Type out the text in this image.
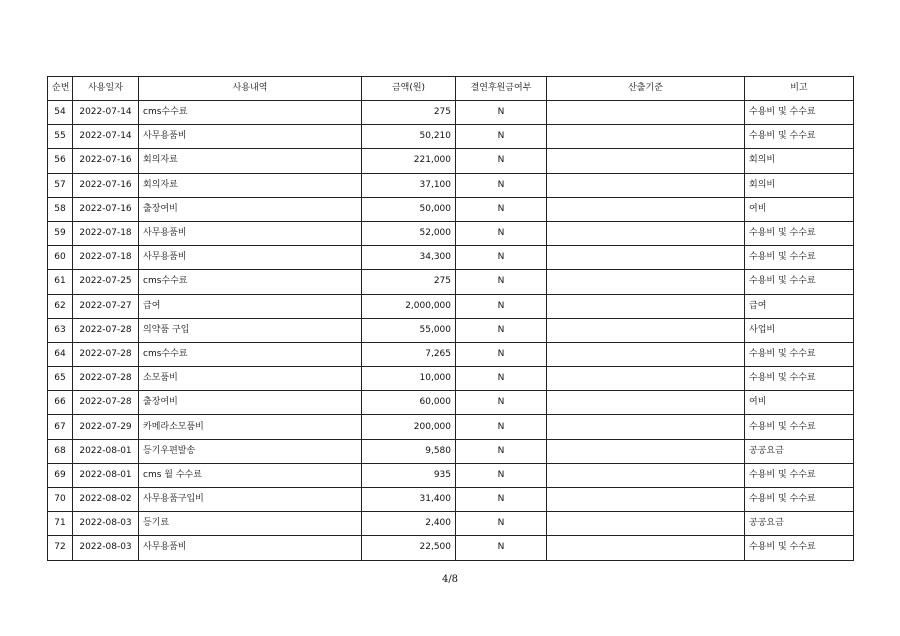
순번	사용일자	사용내역	금액(원)	결연후원금여부	산출기준	비고
54	2022-07-14	cms수수료	275	N		수용비 및 수수료
55	2022-07-14	사무용품비	50,210	N		수용비 및 수수료
56	2022-07-16	회의자료	221,000	N		회의비
57	2022-07-16	회의자료	37,100	N		회의비
58	2022-07-16	출장여비	50,000	N		여비
59	2022-07-18	사무용품비	52,000	N		수용비 및 수수료
60	2022-07-18	사무용품비	34,300	N		수용비 및 수수료
61	2022-07-25	cms수수료	275	N		수용비 및 수수료
62	2022-07-27	급여	2,000,000	N		급여
63	2022-07-28	의약품 구입	55,000	N		사업비
64	2022-07-28	cms수수료	7,265	N		수용비 및 수수료
65	2022-07-28	소모품비	10,000	N		수용비 및 수수료
66	2022-07-28	출장여비	60,000	N		여비
67	2022-07-29	카메라소모품비	200,000	N		수용비 및 수수료
68	2022-08-01	등기우편발송	9,580	N		공공요금
69	2022-08-01	cms 월 수수료	935	N		수용비 및 수수료
70	2022-08-02	사무용품구입비	31,400	N		수용비 및 수수료
71	2022-08-03	등기료	2,400	N		공공요금
72	2022-08-03	사무용품비	22,500	N		수용비 및 수수료
4/8
